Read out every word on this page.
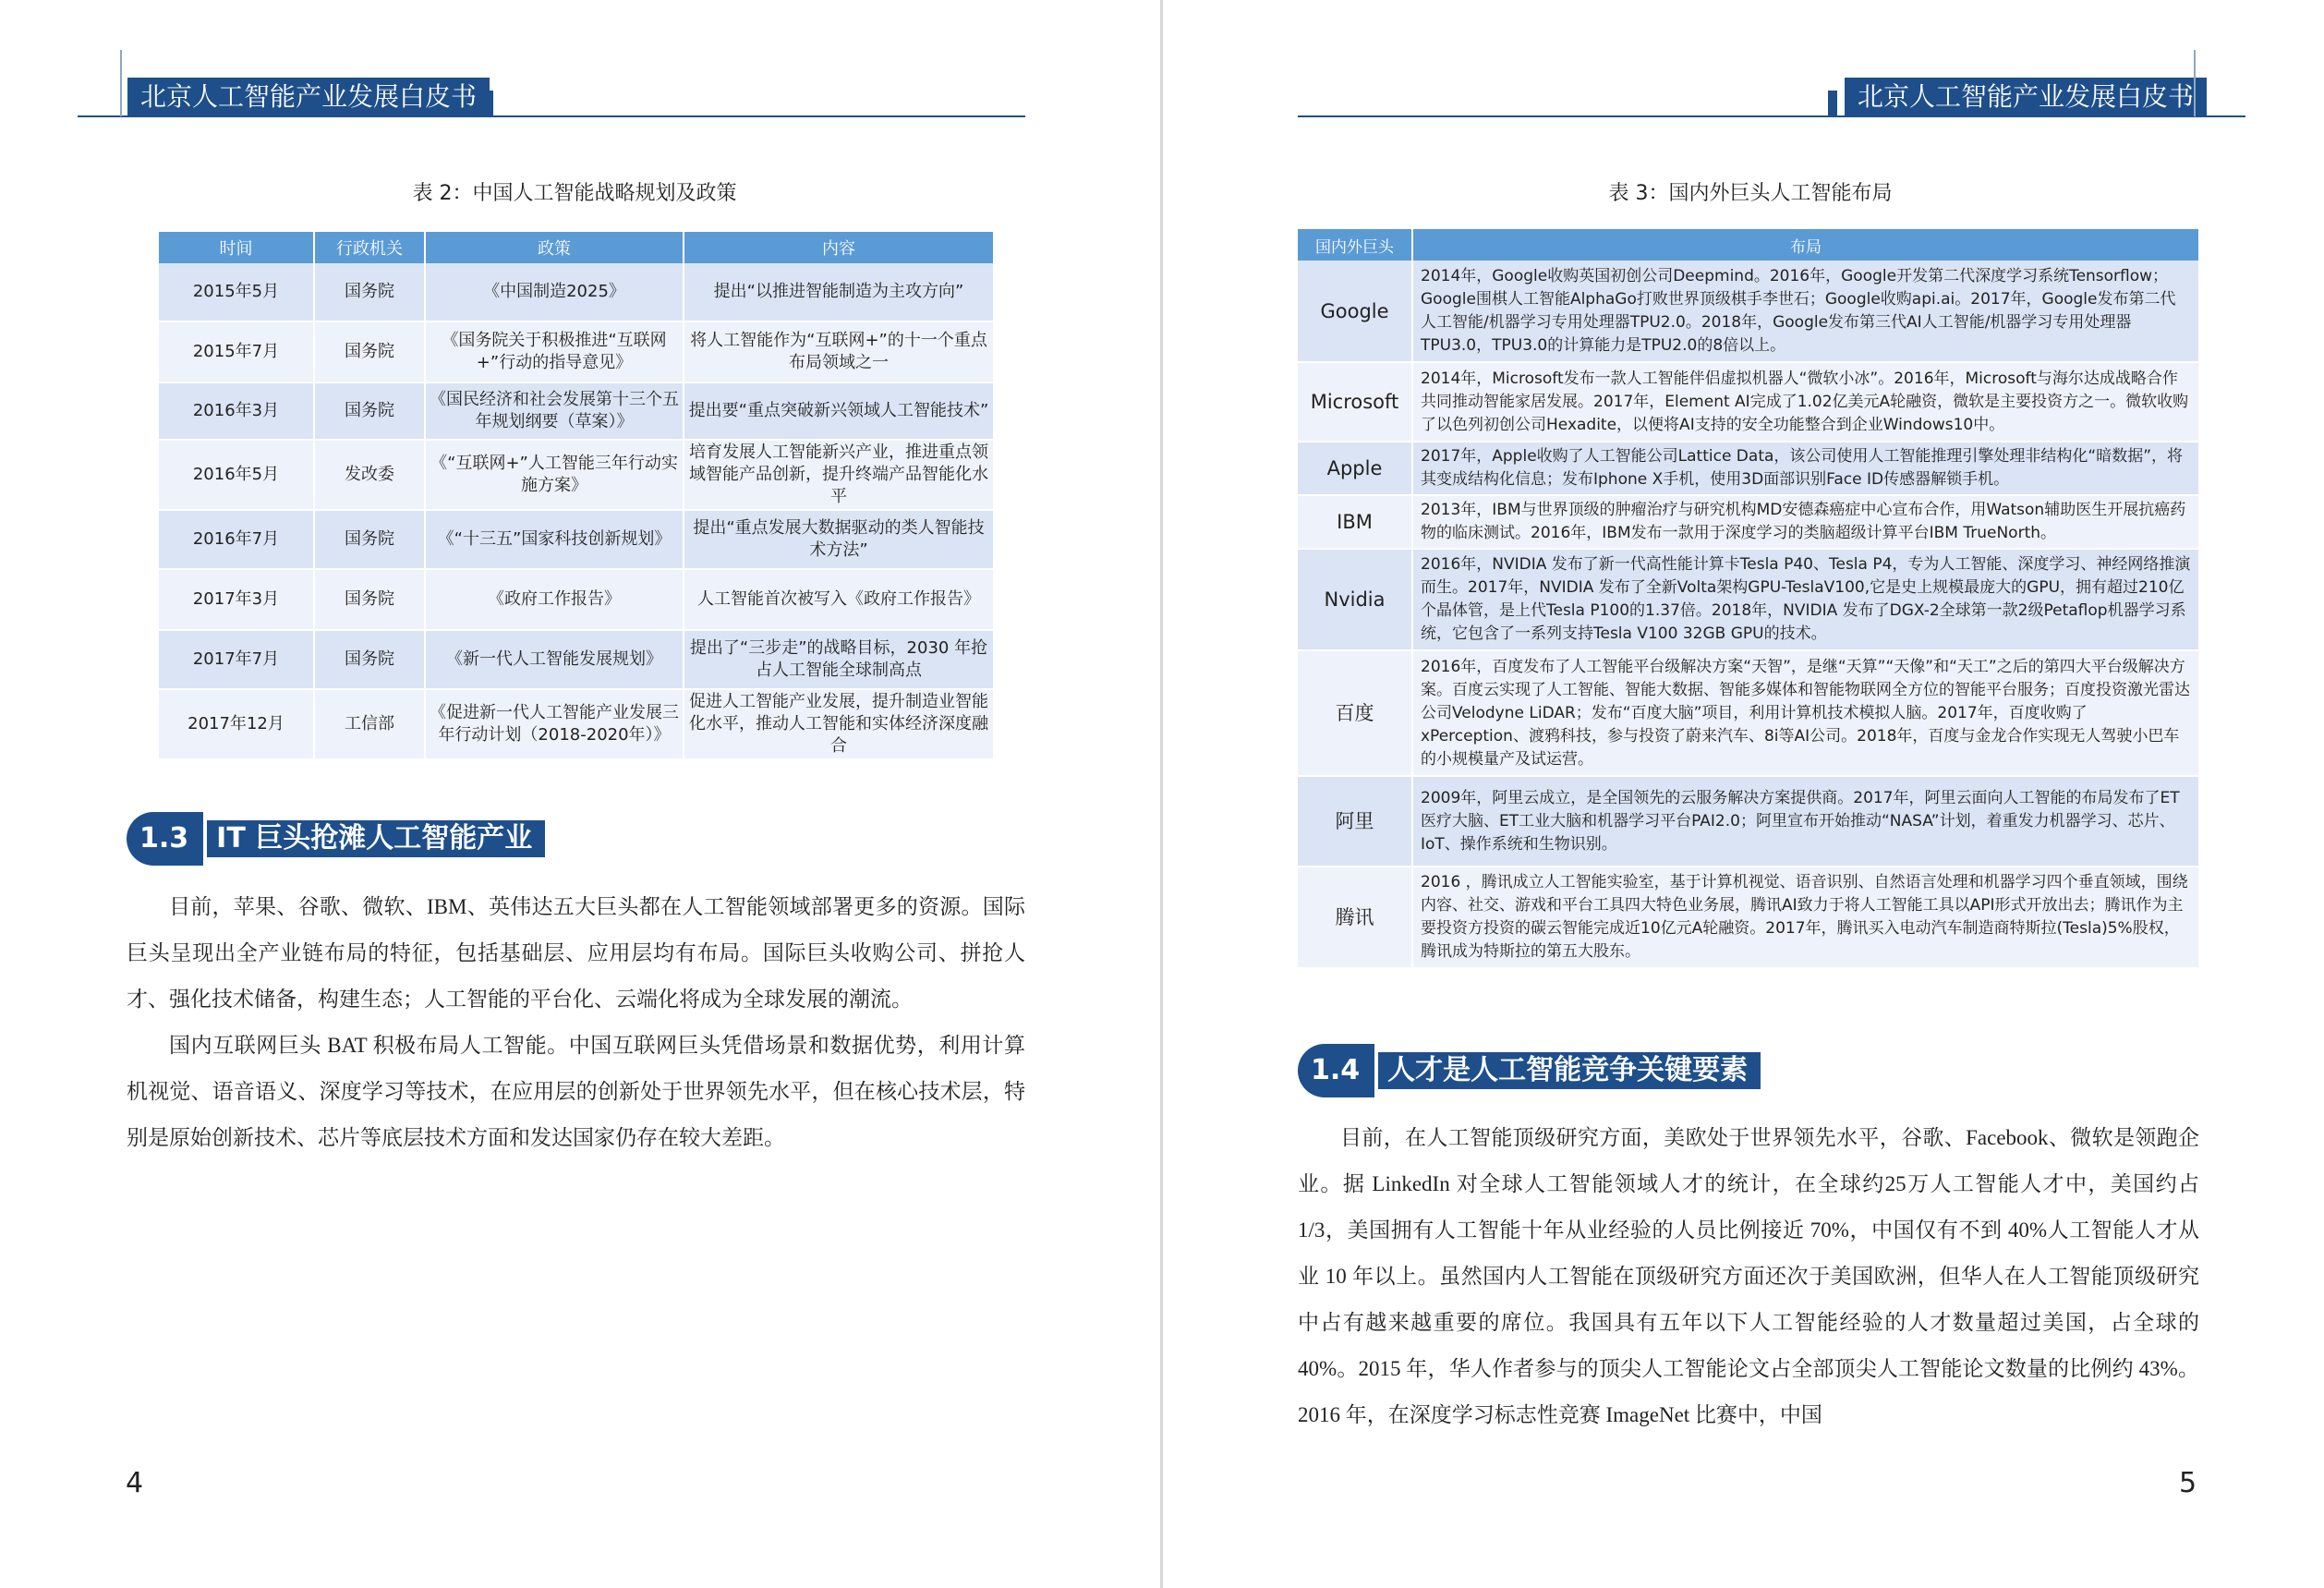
北京人工智能产业发展白皮书
表 2：中国人工智能战略规划及政策
时间	行政机关	政策	内容
2015年5月	国务院	《中国制造2025》	提出“以推进智能制造为主攻方向”
2015年7月	国务院	《国务院关于积极推进“互联网+”行动的指导意见》	将人工智能作为“互联网+”的十一个重点布局领域之一
2016年3月	国务院	《国民经济和社会发展第十三个五年规划纲要（草案）》	提出要“重点突破新兴领域人工智能技术”
2016年5月	发改委	《“互联网+”人工智能三年行动实施方案》	培育发展人工智能新兴产业，推进重点领域智能产品创新，提升终端产品智能化水平
2016年7月	国务院	《“十三五”国家科技创新规划》	提出“重点发展大数据驱动的类人智能技术方法”
2017年3月	国务院	《政府工作报告》	人工智能首次被写入《政府工作报告》
2017年7月	国务院	《新一代人工智能发展规划》	提出了“三步走”的战略目标，2030 年抢占人工智能全球制高点
2017年12月	工信部	《促进新一代人工智能产业发展三年行动计划（2018-2020年）》	促进人工智能产业发展，提升制造业智能化水平，推动人工智能和实体经济深度融合
1.3	IT 巨头抢滩人工智能产业

目前，苹果、谷歌、微软、IBM、英伟达五大巨头都在人工智能领域部署更多的资源。国际巨头呈现出全产业链布局的特征，包括基础层、应用层均有布局。国际巨头收购公司、拼抢人才、强化技术储备，构建生态；人工智能的平台化、云端化将成为全球发展的潮流。

国内互联网巨头 BAT 积极布局人工智能。中国互联网巨头凭借场景和数据优势，利用计算机视觉、语音语义、深度学习等技术，在应用层的创新处于世界领先水平，但在核心技术层，特别是原始创新技术、芯片等底层技术方面和发达国家仍存在较大差距。

4
北京人工智能产业发展白皮书
表 3：国内外巨头人工智能布局
国内外巨头	布局
Google	2014年，Google收购英国初创公司Deepmind。2016年，Google开发第二代深度学习系统Tensorflow；Google围棋人工智能AlphaGo打败世界顶级棋手李世石；Google收购api.ai。2017年，Google发布第二代人工智能/机器学习专用处理器TPU2.0。2018年，Google发布第三代AI人工智能/机器学习专用处理器TPU3.0，TPU3.0的计算能力是TPU2.0的8倍以上。
Microsoft	2014年，Microsoft发布一款人工智能伴侣虚拟机器人“微软小冰”。2016年，Microsoft与海尔达成战略合作共同推动智能家居发展。2017年，Element AI完成了1.02亿美元A轮融资，微软是主要投资方之一。微软收购了以色列初创公司Hexadite，以便将AI支持的安全功能整合到企业Windows10中。
Apple	2017年，Apple收购了人工智能公司Lattice Data，该公司使用人工智能推理引擎处理非结构化“暗数据”，将其变成结构化信息；发布Iphone X手机，使用3D面部识别Face ID传感器解锁手机。
IBM	2013年，IBM与世界顶级的肿瘤治疗与研究机构MD安德森癌症中心宣布合作，用Watson辅助医生开展抗癌药物的临床测试。2016年，IBM发布一款用于深度学习的类脑超级计算平台IBM TrueNorth。
Nvidia	2016年，NVIDIA 发布了新一代高性能计算卡Tesla P40、Tesla P4，专为人工智能、深度学习、神经网络推演而生。2017年，NVIDIA 发布了全新Volta架构GPU-TeslaV100,它是史上规模最庞大的GPU，拥有超过210亿个晶体管，是上代Tesla P100的1.37倍。2018年，NVIDIA 发布了DGX-2全球第一款2级Petaflop机器学习系统，它包含了一系列支持Tesla V100 32GB GPU的技术。
百度	2016年，百度发布了人工智能平台级解决方案“天智”，是继“天算”“天像”和“天工”之后的第四大平台级解决方案。百度云实现了人工智能、智能大数据、智能多媒体和智能物联网全方位的智能平台服务；百度投资激光雷达公司Velodyne LiDAR；发布“百度大脑”项目，利用计算机技术模拟人脑。2017年，百度收购了xPerception、渡鸦科技，参与投资了蔚来汽车、8i等AI公司。2018年，百度与金龙合作实现无人驾驶小巴车的小规模量产及试运营。
阿里	2009年，阿里云成立，是全国领先的云服务解决方案提供商。2017年，阿里云面向人工智能的布局发布了ET医疗大脑、ET工业大脑和机器学习平台PAI2.0；阿里宣布开始推动“NASA”计划，着重发力机器学习、芯片、IoT、操作系统和生物识别。
腾讯	2016 ，腾讯成立人工智能实验室，基于计算机视觉、语音识别、自然语言处理和机器学习四个垂直领域，围绕内容、社交、游戏和平台工具四大特色业务展，腾讯AI致力于将人工智能工具以API形式开放出去；腾讯作为主要投资方投资的碳云智能完成近10亿元A轮融资。2017年，腾讯买入电动汽车制造商特斯拉(Tesla)5%股权，腾讯成为特斯拉的第五大股东。
1.4	人才是人工智能竞争关键要素

目前，在人工智能顶级研究方面，美欧处于世界领先水平，谷歌、Facebook、微软是领跑企业。据 LinkedIn 对全球人工智能领域人才的统计，在全球约25万人工智能人才中，美国约占1/3，美国拥有人工智能十年从业经验的人员比例接近 70%，中国仅有不到 40%人工智能人才从业 10 年以上。虽然国内人工智能在顶级研究方面还次于美国欧洲，但华人在人工智能顶级研究中占有越来越重要的席位。我国具有五年以下人工智能经验的人才数量超过美国，占全球的 40%。2015 年，华人作者参与的顶尖人工智能论文占全部顶尖人工智能论文数量的比例约 43%。2016 年，在深度学习标志性竞赛 ImageNet 比赛中，中国

5
